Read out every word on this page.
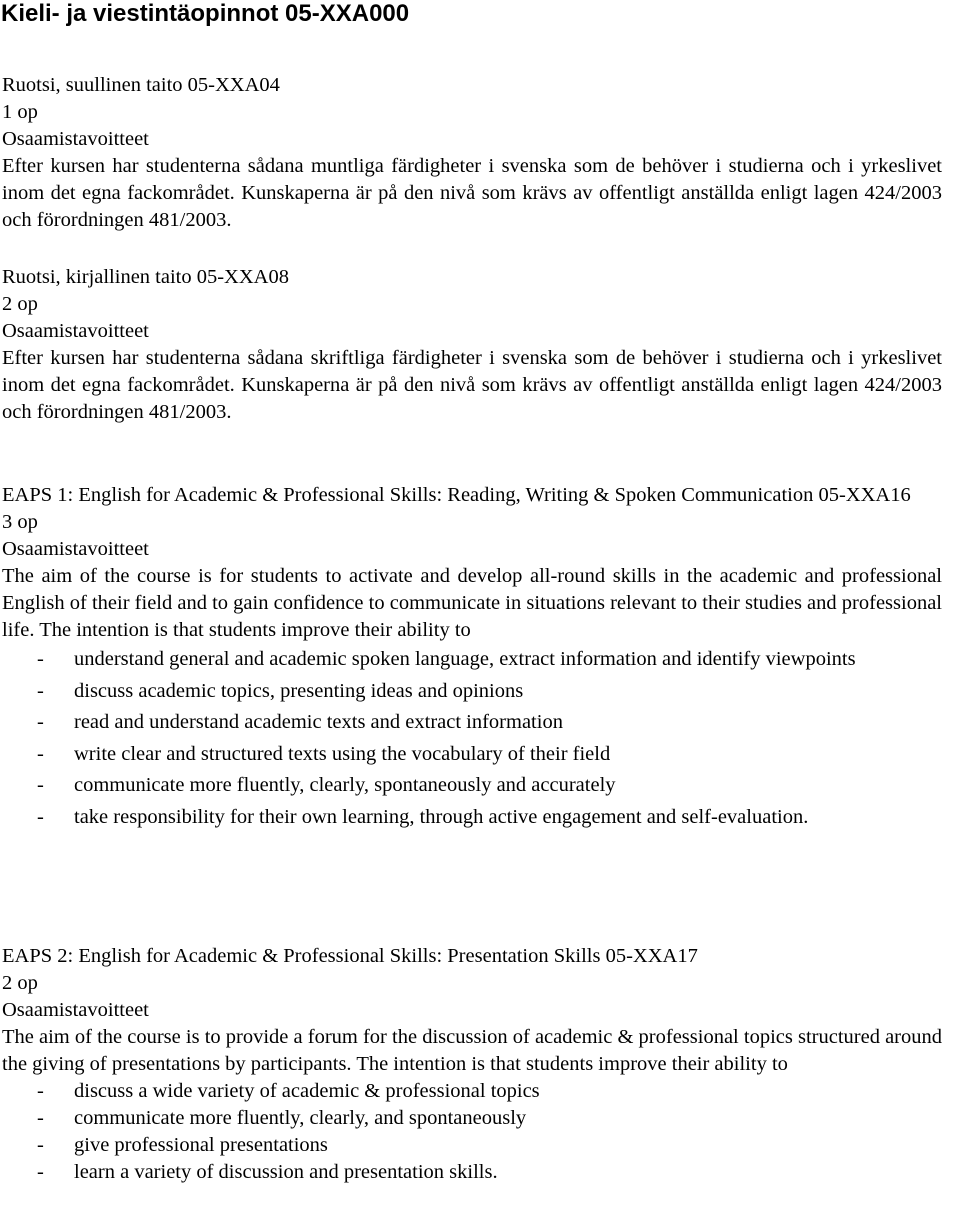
Kieli- ja viestintäopinnot 05-XXA000

Ruotsi, suullinen taito 05-XXA04

1 op

Osaamistavoitteet

Efter kursen har studenterna sådana muntliga färdigheter i svenska som de behöver i studierna och i yrkeslivet inom det egna fackområdet. Kunskaperna är på den nivå som krävs av offentligt anställda enligt lagen 424/2003 och förordningen 481/2003.

Ruotsi, kirjallinen taito 05-XXA08

2 op

Osaamistavoitteet

Efter kursen har studenterna sådana skriftliga färdigheter i svenska som de behöver i studierna och i yrkeslivet inom det egna fackområdet. Kunskaperna är på den nivå som krävs av offentligt anställda enligt lagen 424/2003 och förordningen 481/2003.

EAPS 1: English for Academic & Professional Skills: Reading, Writing & Spoken Communication 05-XXA16

3 op

Osaamistavoitteet

The aim of the course is for students to activate and develop all-round skills in the academic and professional English of their field and to gain confidence to communicate in situations relevant to their studies and professional life. The intention is that students improve their ability to

- understand general and academic spoken language, extract information and identify viewpoints
- discuss academic topics, presenting ideas and opinions
- read and understand academic texts and extract information
- write clear and structured texts using the vocabulary of their field
- communicate more fluently, clearly, spontaneously and accurately
- take responsibility for their own learning, through active engagement and self-evaluation.

EAPS 2: English for Academic & Professional Skills: Presentation Skills 05-XXA17

2 op

Osaamistavoitteet

The aim of the course is to provide a forum for the discussion of academic & professional topics structured around the giving of presentations by participants. The intention is that students improve their ability to

- discuss a wide variety of academic & professional topics
- communicate more fluently, clearly, and spontaneously
- give professional presentations
- learn a variety of discussion and presentation skills.
